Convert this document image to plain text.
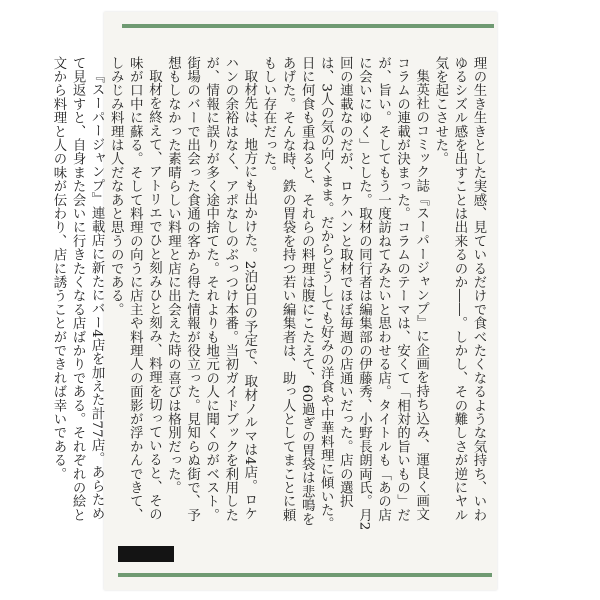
理の生き生きとした実感、見ているだけで食べたくなるような気持ち、いわゆるシズル感を出すことは出来るのか――。しかし、その難しさが逆にヤル気を起こさせた。

集英社のコミック誌『スーパージャンプ』に企画を持ち込み、運良く画文コラムの連載が決まった。コラムのテーマは、安くて「相対的旨いもの」だが、旨い。そしてもう一度訪ねてみたいと思わせる店。タイトルも「あの店に会いにゆく」とした。取材の同行者は編集部の伊藤秀、小野長朗両氏。月2回の連載なのだが、ロケハンと取材でほぼ毎週の店通いだった。店の選択は、3人の気の向くまま。だからどうしても好みの洋食や中華料理に傾いた。日に何食も重ねると、それらの料理は腹にこたえて、60過ぎの胃袋は悲鳴をあげた。そんな時、鉄の胃袋を持つ若い編集者は、助っ人としてまことに頼もしい存在だった。

取材先は、地方にも出かけた。2泊3日の予定で、取材ノルマは4店。ロケハンの余裕はなく、アポなしのぶっつけ本番。当初ガイドブックを利用したが、情報に誤りが多く途中捨てた。それよりも地元の人に聞くのがベスト。街場のバーで出会った食通の客から得た情報が役立った。見知らぬ街で、予想もしなかった素晴らしい料理と店に出会えた時の喜びは格別だった。

取材を終えて、アトリエでひと刻みひと刻み、料理を切っていると、その味が口中に蘇る。そして料理の向うに店主や料理人の面影が浮かんできて、しみじみ料理は人だなあと思うのである。

『スーパージャンプ』連載店に新たにバー4店を加えた計77店。あらためて見返すと、自身また会いに行きたくなる店ばかりである。それぞれの絵と文から料理と人の味が伝わり、店に誘うことができれば幸いである。
